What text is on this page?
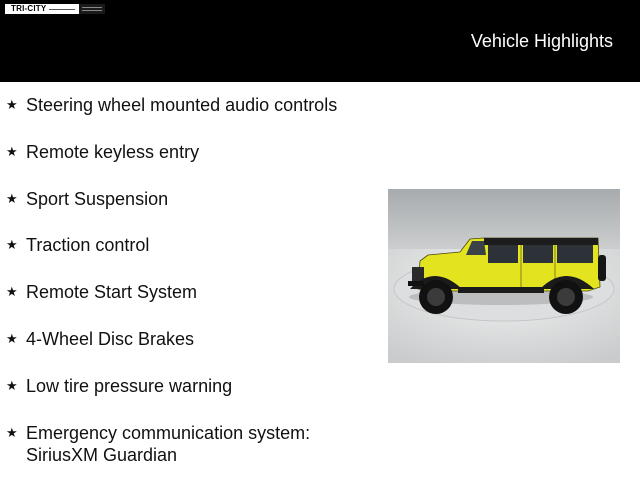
TRI-CITY
Vehicle Highlights
★ Steering wheel mounted audio controls
★ Remote keyless entry
★ Sport Suspension
★ Traction control
★ Remote Start System
★ 4-Wheel Disc Brakes
★ Low tire pressure warning
★ Emergency communication system: SiriusXM Guardian
